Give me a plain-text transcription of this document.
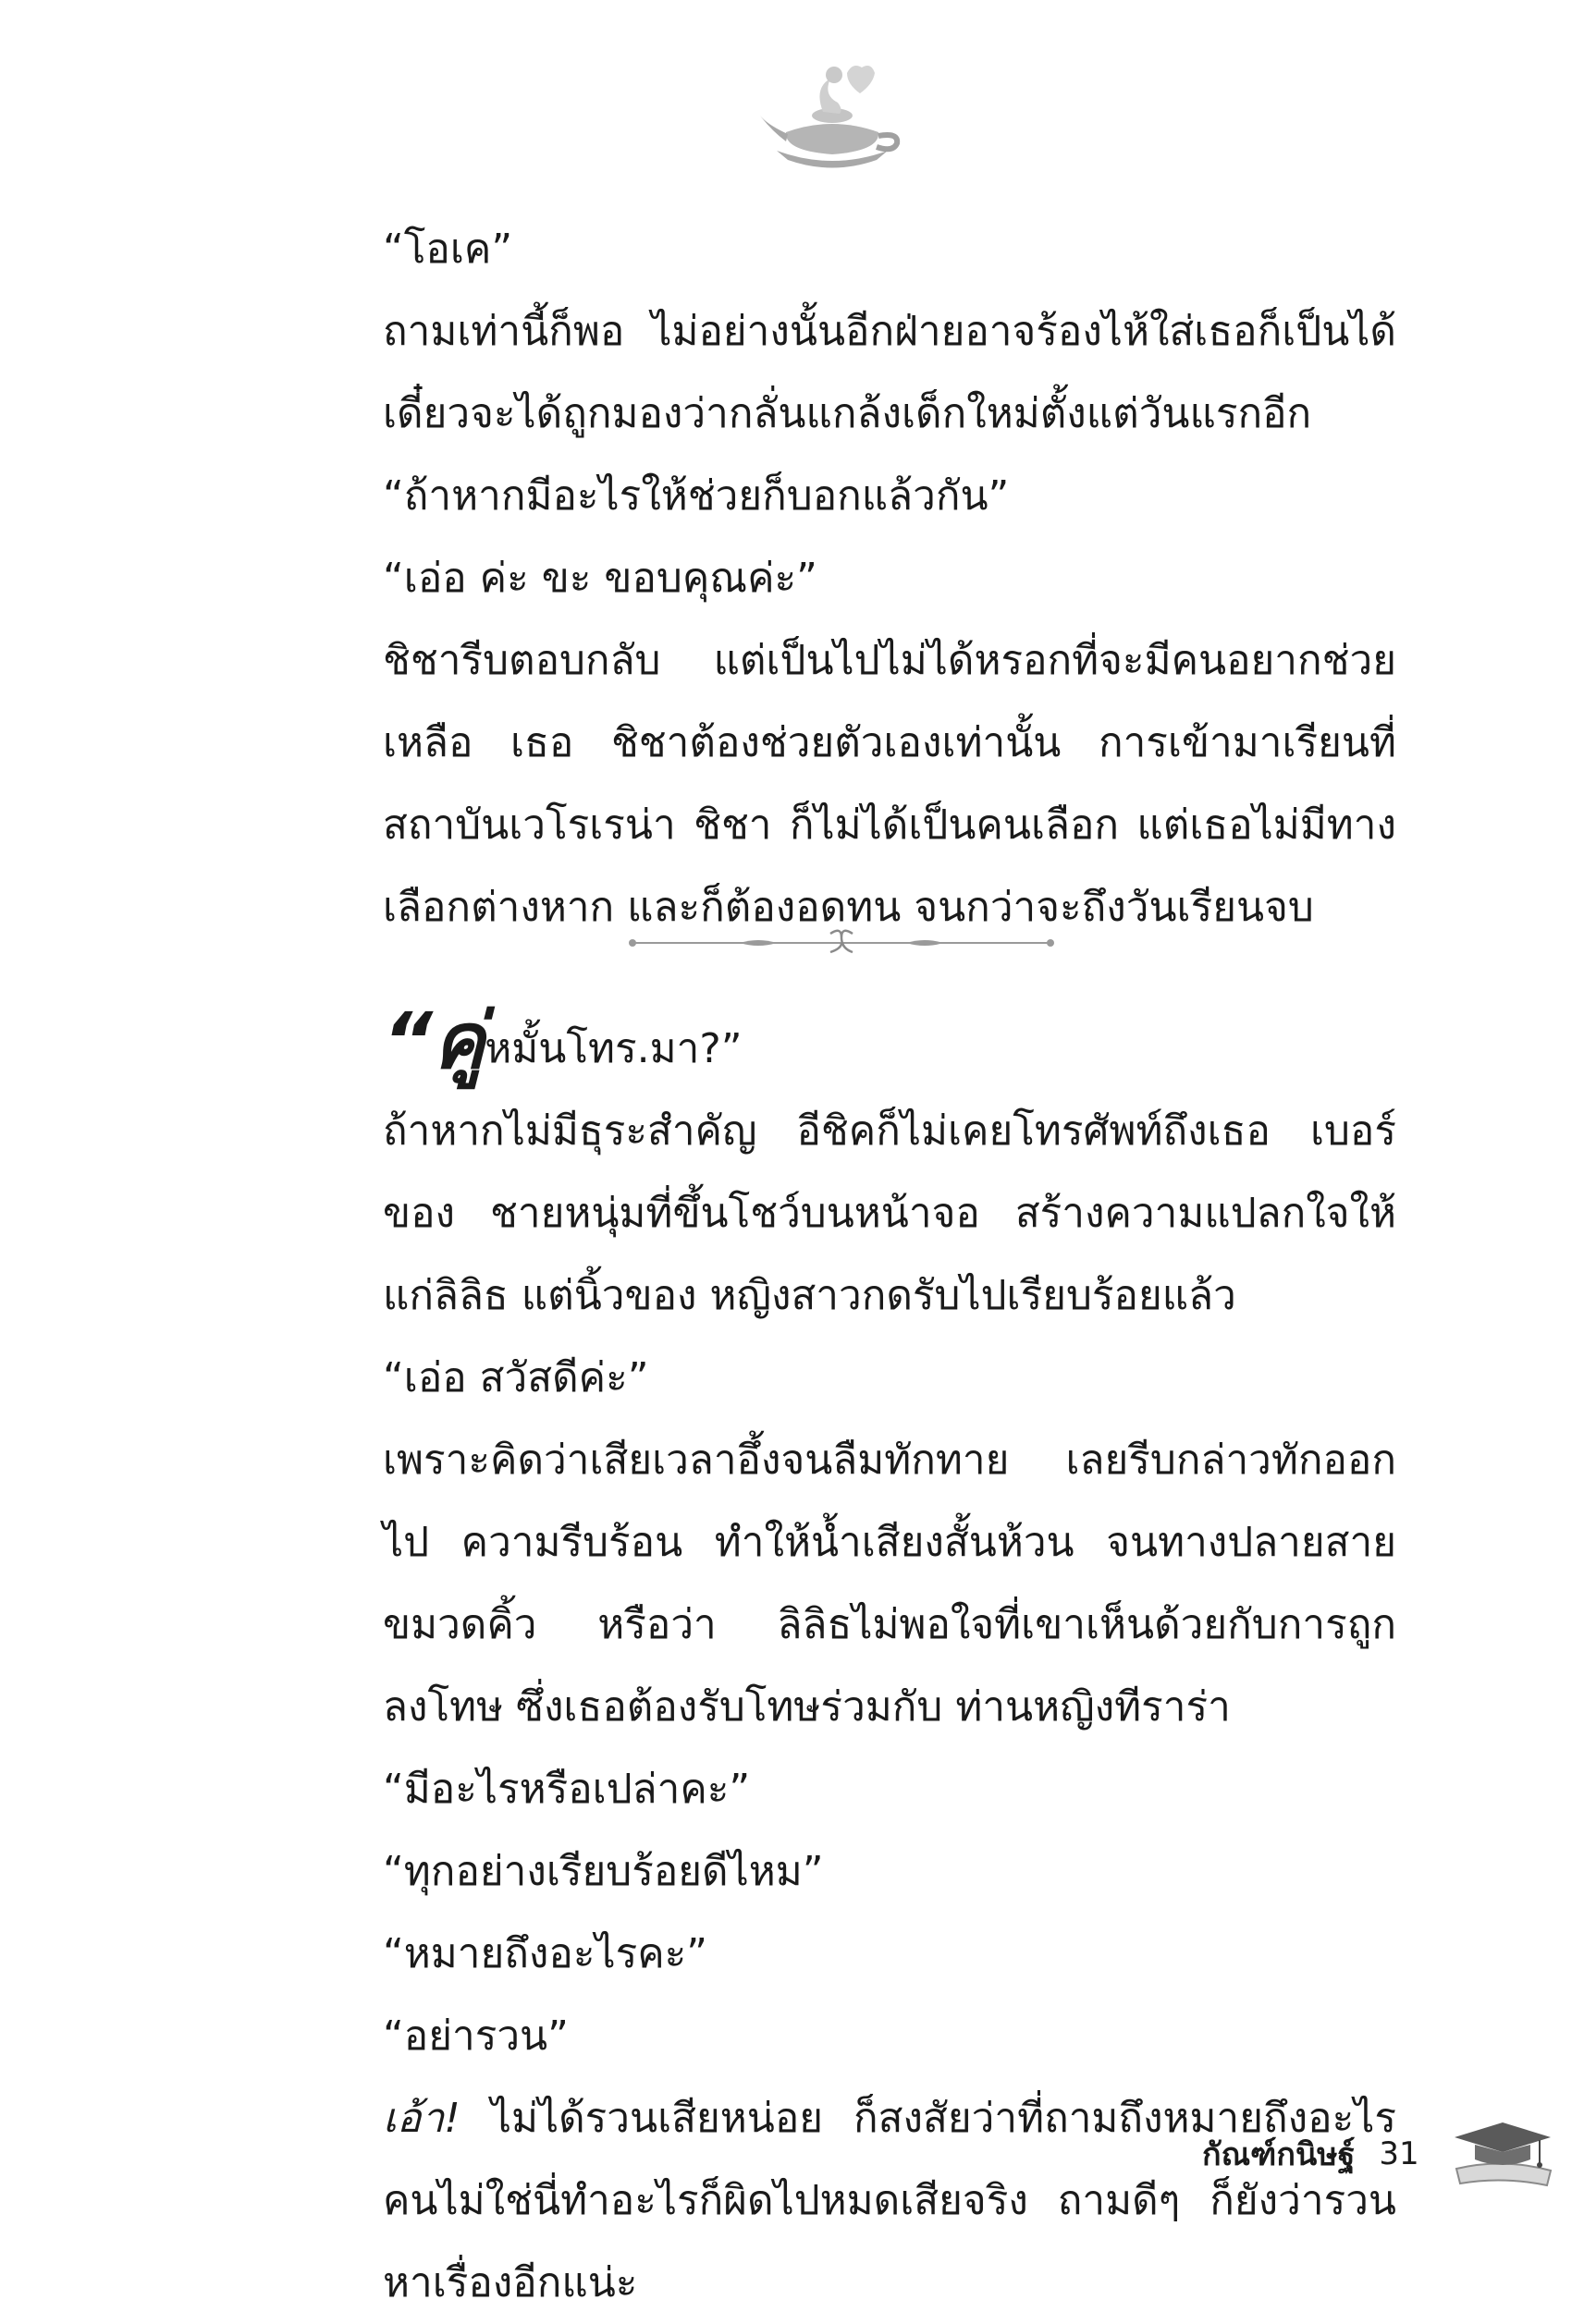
“โอเค”

ถามเท่านี้ก็พอ ไม่อย่างนั้นอีกฝ่ายอาจร้องไห้ใส่เธอก็เป็นได้ เดี๋ยวจะได้ถูกมองว่ากลั่นแกล้งเด็กใหม่ตั้งแต่วันแรกอีก

“ถ้าหากมีอะไรให้ช่วยก็บอกแล้วกัน”

“เอ่อ ค่ะ ขะ ขอบคุณค่ะ”

ชิชารีบตอบกลับ แต่เป็นไปไม่ได้หรอกที่จะมีคนอยากช่วยเหลือ เธอ ชิชาต้องช่วยตัวเองเท่านั้น การเข้ามาเรียนที่สถาบันเวโรเรน่า ชิชา ก็ไม่ได้เป็นคนเลือก แต่เธอไม่มีทางเลือกต่างหาก และก็ต้องอดทน จนกว่าจะถึงวันเรียนจบ

“คู่หมั้นโทร.มา?”

ถ้าหากไม่มีธุระสำคัญ อีชิคก็ไม่เคยโทรศัพท์ถึงเธอ เบอร์ของ ชายหนุ่มที่ขึ้นโชว์บนหน้าจอ สร้างความแปลกใจให้แก่ลิลิธ แต่นิ้วของ หญิงสาวกดรับไปเรียบร้อยแล้ว

“เอ่อ สวัสดีค่ะ”

เพราะคิดว่าเสียเวลาอึ้งจนลืมทักทาย เลยรีบกล่าวทักออกไป ความรีบร้อน ทำให้น้ำเสียงสั้นห้วน จนทางปลายสายขมวดคิ้ว หรือว่า ลิลิธไม่พอใจที่เขาเห็นด้วยกับการถูกลงโทษ ซึ่งเธอต้องรับโทษร่วมกับ ท่านหญิงทีราร่า

“มีอะไรหรือเปล่าคะ”

“ทุกอย่างเรียบร้อยดีไหม”

“หมายถึงอะไรคะ”

“อย่ารวน”

เอ้า! ไม่ได้รวนเสียหน่อย ก็สงสัยว่าที่ถามถึงหมายถึงอะไร คนไม่ใช่นี่ทำอะไรก็ผิดไปหมดเสียจริง ถามดีๆ ก็ยังว่ารวนหาเรื่องอีกแน่ะ

กัณฑ์กนิษฐ์ 31
